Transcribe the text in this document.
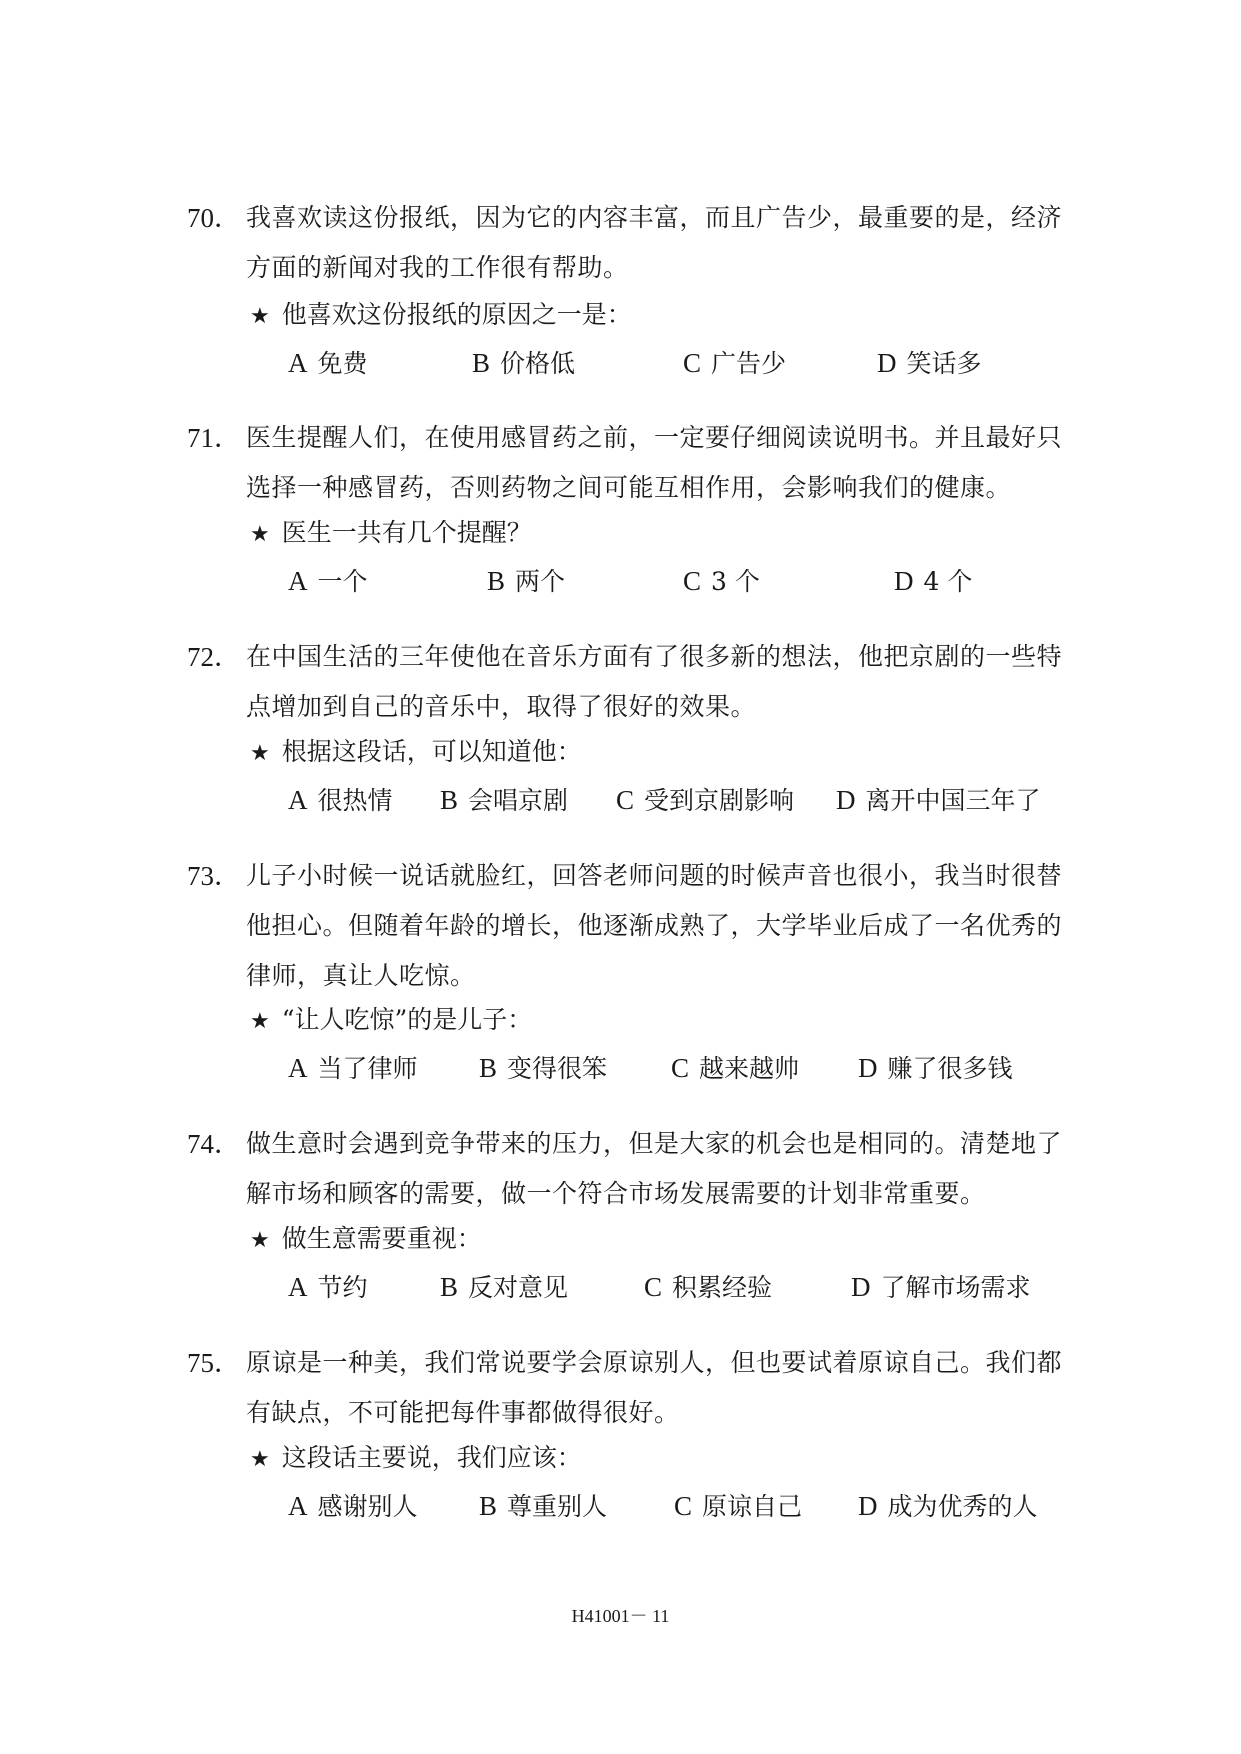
70． 我喜欢读这份报纸，因为它的内容丰富，而且广告少，最重要的是，经济
方面的新闻对我的工作很有帮助。
★ 他喜欢这份报纸的原因之一是：
A 免费	B 价格低	C 广告少	D 笑话多
71． 医生提醒人们，在使用感冒药之前，一定要仔细阅读说明书。并且最好只
选择一种感冒药，否则药物之间可能互相作用，会影响我们的健康。
★ 医生一共有几个提醒？
A 一个	B 两个	C 3 个	D 4 个
72． 在中国生活的三年使他在音乐方面有了很多新的想法，他把京剧的一些特
点增加到自己的音乐中，取得了很好的效果。
★ 根据这段话，可以知道他：
A 很热情 B 会唱京剧 C 受到京剧影响 D 离开中国三年了
73． 儿子小时候一说话就脸红，回答老师问题的时候声音也很小，我当时很替
他担心。但随着年龄的增长，他逐渐成熟了，大学毕业后成了一名优秀的
律师，真让人吃惊。
★ “让人吃惊”的是儿子：
A 当了律师 B 变得很笨 C 越来越帅 D 赚了很多钱
74． 做生意时会遇到竞争带来的压力，但是大家的机会也是相同的。清楚地了
解市场和顾客的需要，做一个符合市场发展需要的计划非常重要。
★ 做生意需要重视：
A 节约	B 反对意见	C 积累经验	D 了解市场需求
75． 原谅是一种美，我们常说要学会原谅别人，但也要试着原谅自己。我们都
有缺点，不可能把每件事都做得很好。
★ 这段话主要说，我们应该：
A 感谢别人 B 尊重别人 C 原谅自己 D 成为优秀的人
H41001－ 11
